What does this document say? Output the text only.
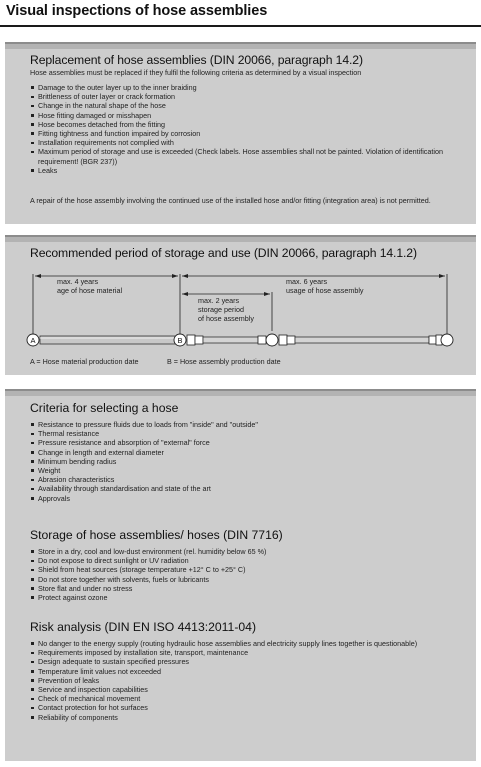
Visual inspections of hose assemblies
Replacement of hose assemblies (DIN 20066, paragraph 14.2)
Hose assemblies must be replaced if they fulfil the following criteria as determined by a visual inspection
Damage to the outer layer up to the inner braiding
Brittleness of outer layer or crack formation
Change in the natural shape of the hose
Hose fitting damaged or misshapen
Hose becomes detached from the fitting
Fitting tightness and function impaired by corrosion
Installation requirements not complied with
Maximum period of storage and use is exceeded (Check labels. Hose assemblies shall not be painted. Violation of identification requirement! (BGR 237))
Leaks
A repair of the hose assembly involving the continued use of the installed hose and/or fitting (integration area) is not permitted.
Recommended period of storage and use (DIN 20066, paragraph 14.1.2)
A	B
max. 4 years
age of hose material
max. 6 years
usage of hose assembly
max. 2 years
storage period
of hose assembly
A = Hose material production date	B = Hose assembly production date
Criteria for selecting a hose
Resistance to pressure fluids due to loads from "inside" and "outside"
Thermal resistance
Pressure resistance and absorption of "external" force
Change in length and external diameter
Minimum bending radius
Weight
Abrasion characteristics
Availability through standardisation and state of the art
Approvals
Storage of hose assemblies/ hoses (DIN 7716)
Store in a dry, cool and low-dust environment (rel. humidity below 65 %)
Do not expose to direct sunlight or UV radiation
Shield from heat sources (storage temperature +12° C to +25° C)
Do not store together with solvents, fuels or lubricants
Store flat and under no stress
Protect against ozone
Risk analysis (DIN EN ISO 4413:2011-04)
No danger to the energy supply (routing hydraulic hose assemblies and electricity supply lines together is questionable)
Requirements imposed by installation site, transport, maintenance
Design adequate to sustain specified pressures
Temperature limit values not exceeded
Prevention of leaks
Service and inspection capabilities
Check of mechanical movement
Contact protection for hot surfaces
Reliability of components
